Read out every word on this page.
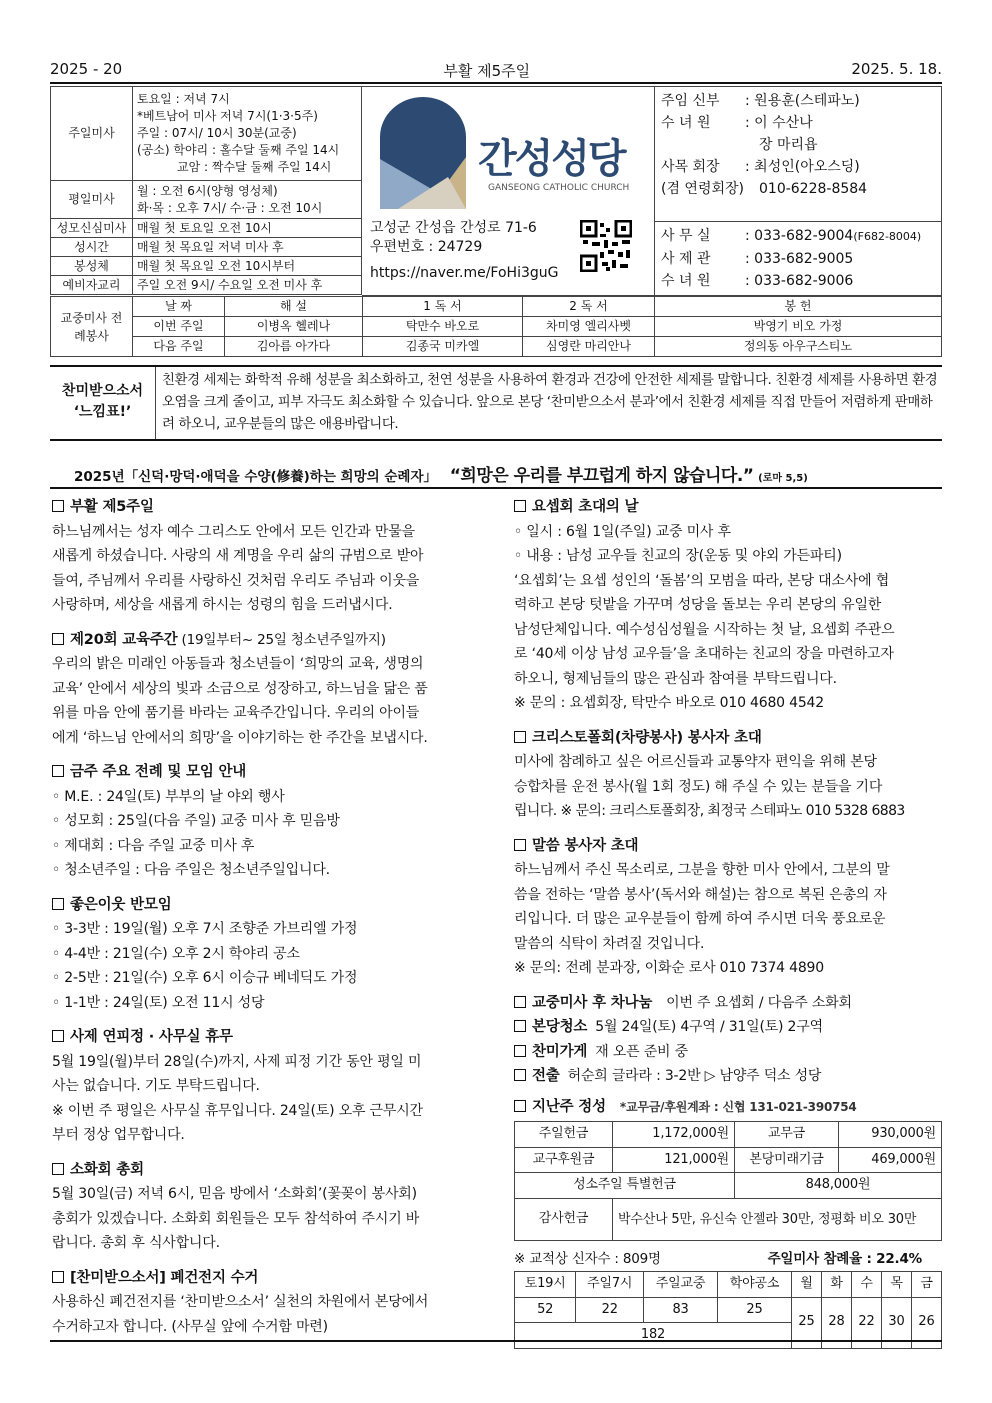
2025 - 20	부활 제5주일	2025. 5. 18.
주일미사	토요일 : 저녁 7시
*베트남어 미사 저녁 7시(1·3·5주)
주일 : 07시/ 10시 30분(교중)
(공소) 학야리 : 홀수달 둘째 주일 14시
교암 : 짝수달 둘째 주일 14시

평일미사	월 : 오전 6시(양형 영성체)
화·목 : 오후 7시/ 수·금 : 오전 10시

성모신심미사	매월 첫 토요일 오전 10시
성시간	매월 첫 목요일 저녁 미사 후
봉성체	매월 첫 목요일 오전 10시부터
예비자교리	주일 오전 9시/ 수요일 오전 미사 후
간성성당
GANSEONG CATHOLIC CHURCH
고성군 간성읍 간성로 71-6
우편번호 : 24729
https://naver.me/FoHi3guG
주임 신부 : 원용훈(스테파노)
수 녀 원 : 이 수산나
장 마리욥
사목 회장 : 최성인(아오스딩)
(겸 연령회장) 010-6228-8584
사 무 실 : 033-682-9004(F682-8004)
사 제 관 : 033-682-9005
수 녀 원 : 033-682-9006
교중미사 전례봉사	날 짜	해 설	1 독 서	2 독 서	봉 헌
	이번 주일	이병옥 헬레나	탁만수 바오로	차미영 엘리사벳	박영기 비오 가정
	다음 주일	김아름 아가다	김종국 미카엘	심영란 마리안나	정의동 아우구스티노
찬미받으소서
‘느낌표!’
친환경 세제는 화학적 유해 성분을 최소화하고, 천연 성분을 사용하여 환경과 건강에 안전한 세제를 말합니다. 친환경 세제를 사용하면 환경 오염을 크게 줄이고, 피부 자극도 최소화할 수 있습니다. 앞으로 본당 ‘찬미받으소서 분과’에서 친환경 세제를 직접 만들어 저렴하게 판매하려 하오니, 교우분들의 많은 애용바랍니다.
2025년「신덕·망덕·애덕을 수양(修養)하는 희망의 순례자」 “희망은 우리를 부끄럽게 하지 않습니다.” (로마 5,5)
부활 제5주일
하느님께서는 성자 예수 그리스도 안에서 모든 인간과 만물을
새롭게 하셨습니다. 사랑의 새 계명을 우리 삶의 규범으로 받아
들여, 주님께서 우리를 사랑하신 것처럼 우리도 주님과 이웃을
사랑하며, 세상을 새롭게 하시는 성령의 힘을 드러냅시다.
제20회 교육주간 (19일부터~ 25일 청소년주일까지)
우리의 밝은 미래인 아동들과 청소년들이 ‘희망의 교육, 생명의
교육’ 안에서 세상의 빛과 소금으로 성장하고, 하느님을 닮은 품
위를 마음 안에 품기를 바라는 교육주간입니다. 우리의 아이들
에게 ‘하느님 안에서의 희망’을 이야기하는 한 주간을 보냅시다.
금주 주요 전례 및 모임 안내
◦ M.E. : 24일(토) 부부의 날 야외 행사
◦ 성모회 : 25일(다음 주일) 교중 미사 후 믿음방
◦ 제대회 : 다음 주일 교중 미사 후
◦ 청소년주일 : 다음 주일은 청소년주일입니다.
좋은이웃 반모임
◦ 3-3반 : 19일(월) 오후 7시 조향준 가브리엘 가정
◦ 4-4반 : 21일(수) 오후 2시 학야리 공소
◦ 2-5반 : 21일(수) 오후 6시 이승규 베네딕도 가정
◦ 1-1반 : 24일(토) 오전 11시 성당
사제 연피정 · 사무실 휴무
5월 19일(월)부터 28일(수)까지, 사제 피정 기간 동안 평일 미
사는 없습니다. 기도 부탁드립니다.
※ 이번 주 평일은 사무실 휴무입니다. 24일(토) 오후 근무시간
부터 정상 업무합니다.
소화회 총회
5월 30일(금) 저녁 6시, 믿음 방에서 ‘소화회’(꽃꽂이 봉사회)
총회가 있겠습니다. 소화회 회원들은 모두 참석하여 주시기 바
랍니다. 총회 후 식사합니다.
[찬미받으소서] 폐건전지 수거
사용하신 폐건전지를 ‘찬미받으소서’ 실천의 차원에서 본당에서
수거하고자 합니다. (사무실 앞에 수거함 마련)
요셉회 초대의 날
◦ 일시 : 6월 1일(주일) 교중 미사 후
◦ 내용 : 남성 교우들 친교의 장(운동 및 야외 가든파티)
‘요셉회’는 요셉 성인의 ‘돌봄’의 모범을 따라, 본당 대소사에 협
력하고 본당 텃밭을 가꾸며 성당을 돌보는 우리 본당의 유일한
남성단체입니다. 예수성심성월을 시작하는 첫 날, 요셉회 주관으
로 ‘40세 이상 남성 교우들’을 초대하는 친교의 장을 마련하고자
하오니, 형제님들의 많은 관심과 참여를 부탁드립니다.
※ 문의 : 요셉회장, 탁만수 바오로 010 4680 4542
크리스토폴회(차량봉사) 봉사자 초대
미사에 참례하고 싶은 어르신들과 교통약자 편익을 위해 본당
승합차를 운전 봉사(월 1회 정도) 해 주실 수 있는 분들을 기다
립니다. ※ 문의: 크리스토폴회장, 최정국 스테파노 010 5328 6883
말씀 봉사자 초대
하느님께서 주신 목소리로, 그분을 향한 미사 안에서, 그분의 말
씀을 전하는 ‘말씀 봉사’(독서와 해설)는 참으로 복된 은총의 자
리입니다. 더 많은 교우분들이 함께 하여 주시면 더욱 풍요로운
말씀의 식탁이 차려질 것입니다.
※ 문의: 전례 분과장, 이화순 로사 010 7374 4890
교중미사 후 차나눔 이번 주 요셉회 / 다음주 소화회
본당청소 5월 24일(토) 4구역 / 31일(토) 2구역
찬미가게 재 오픈 준비 중
전출 허순희 글라라 : 3-2반 ▷ 남양주 덕소 성당
지난주 정성 *교무금/후원계좌 : 신협 131-021-390754
주일헌금	1,172,000원	교무금	930,000원
교구후원금	121,000원	본당미래기금	469,000원
성소주일 특별헌금		848,000원	
감사헌금	박수산나 5만, 유신숙 안젤라 30만, 정평화 비오 30만		
※ 교적상 신자수 : 809명	주일미사 참례율 : 22.4%
토19시	주일7시	주일교중	학야공소	월	화	수	목	금
52	22	83	25	25	28	22	30	26
182								
